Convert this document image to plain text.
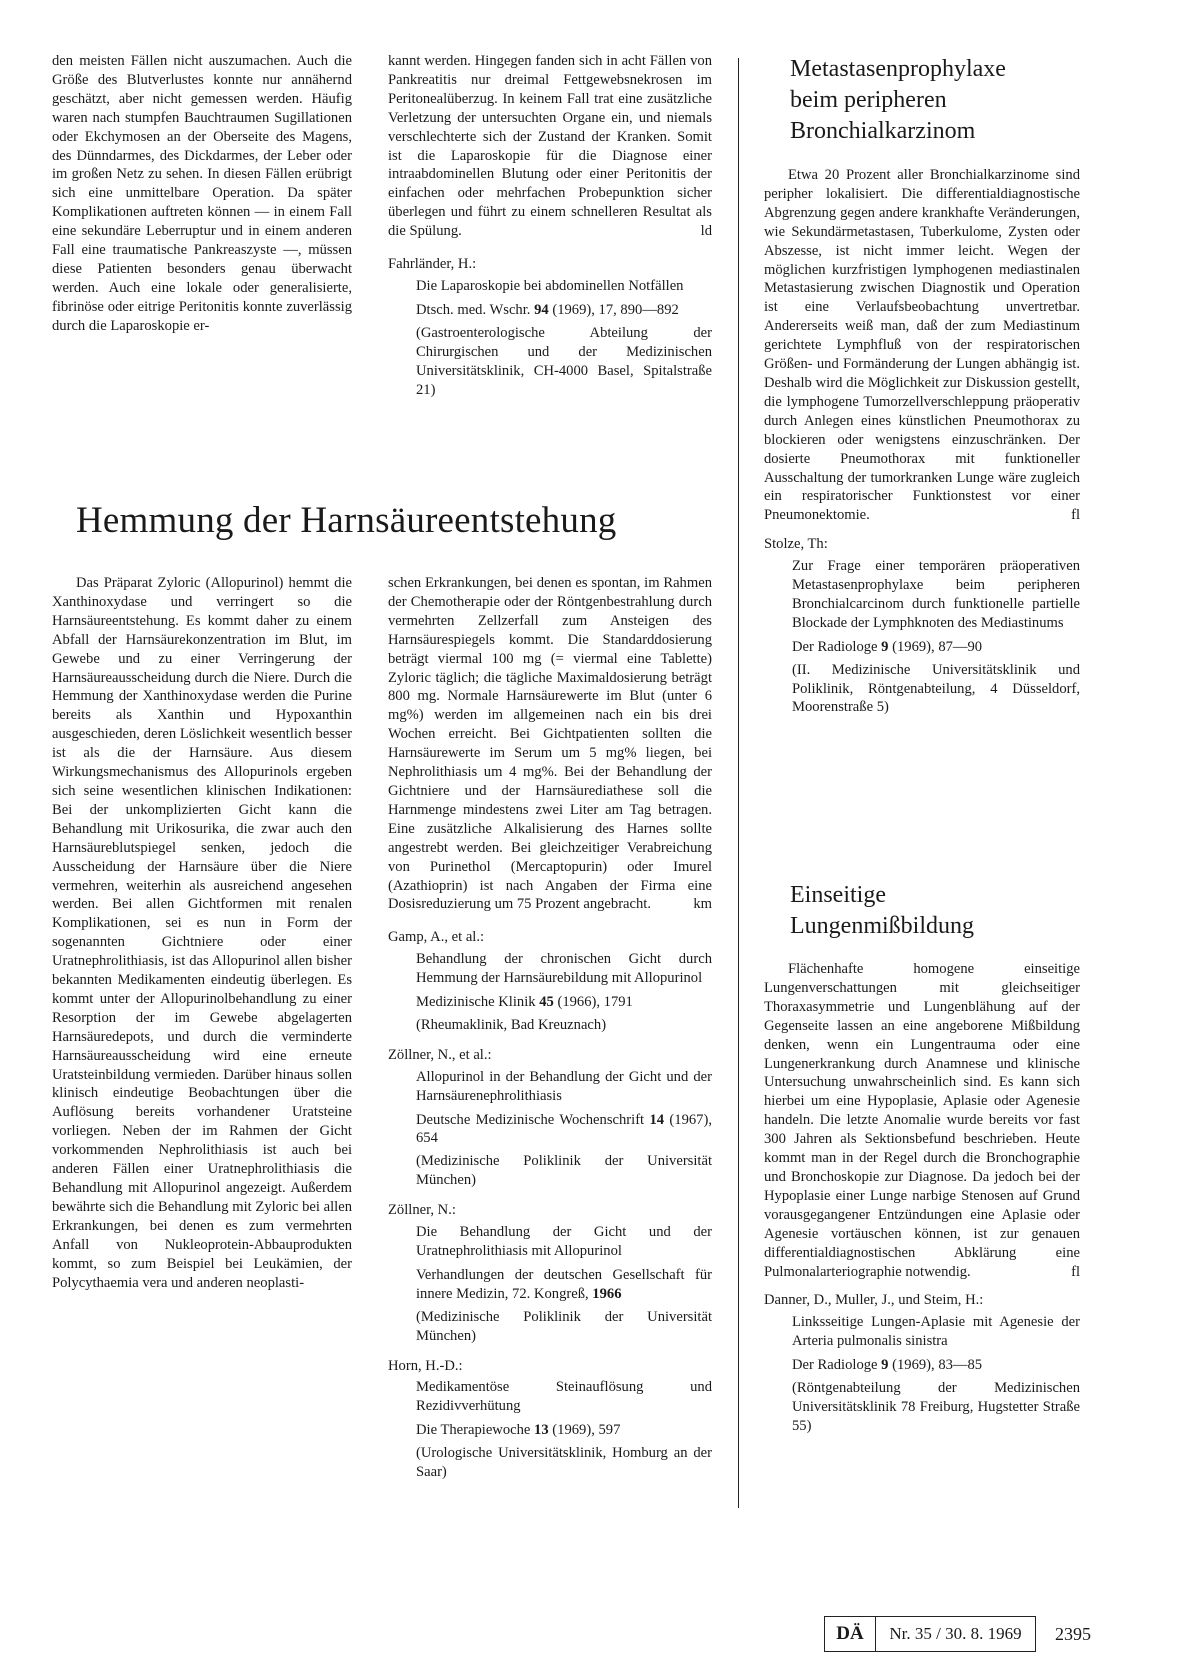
den meisten Fällen nicht auszumachen. Auch die Größe des Blutverlustes konnte nur annähernd geschätzt, aber nicht gemessen werden. Häufig waren nach stumpfen Bauchtraumen Sugillationen oder Ekchymosen an der Oberseite des Magens, des Dünndarmes, des Dickdarmes, der Leber oder im großen Netz zu sehen. In diesen Fällen erübrigt sich eine unmittelbare Operation. Da später Komplikationen auftreten können — in einem Fall eine sekundäre Leberruptur und in einem anderen Fall eine traumatische Pankreaszyste —, müssen diese Patienten besonders genau überwacht werden. Auch eine lokale oder generalisierte, fibrinöse oder eitrige Peritonitis konnte zuverlässig durch die Laparoskopie er-

kannt werden. Hingegen fanden sich in acht Fällen von Pankreatitis nur dreimal Fettgewebsnekrosen im Peritonealüberzug. In keinem Fall trat eine zusätzliche Verletzung der untersuchten Organe ein, und niemals verschlechterte sich der Zustand der Kranken. Somit ist die Laparoskopie für die Diagnose einer intraabdominellen Blutung oder einer Peritonitis der einfachen oder mehrfachen Probepunktion sicher überlegen und führt zu einem schnelleren Resultat als die Spülung.	ld

Fahrländer, H.:

Die Laparoskopie bei abdominellen Notfällen

Dtsch. med. Wschr. 94 (1969), 17, 890—892

(Gastroenterologische Abteilung der Chirurgischen und der Medizinischen Universitätsklinik, CH-4000 Basel, Spitalstraße 21)

Hemmung der Harnsäureentstehung

Das Präparat Zyloric (Allopurinol) hemmt die Xanthinoxydase und verringert so die Harnsäureentstehung. Es kommt daher zu einem Abfall der Harnsäurekonzentration im Blut, im Gewebe und zu einer Verringerung der Harnsäureausscheidung durch die Niere. Durch die Hemmung der Xanthinoxydase werden die Purine bereits als Xanthin und Hypoxanthin ausgeschieden, deren Löslichkeit wesentlich besser ist als die der Harnsäure. Aus diesem Wirkungsmechanismus des Allopurinols ergeben sich seine wesentlichen klinischen Indikationen: Bei der unkomplizierten Gicht kann die Behandlung mit Urikosurika, die zwar auch den Harnsäureblutspiegel senken, jedoch die Ausscheidung der Harnsäure über die Niere vermehren, weiterhin als ausreichend angesehen werden. Bei allen Gichtformen mit renalen Komplikationen, sei es nun in Form der sogenannten Gichtniere oder einer Uratnephrolithiasis, ist das Allopurinol allen bisher bekannten Medikamenten eindeutig überlegen. Es kommt unter der Allopurinolbehandlung zu einer Resorption der im Gewebe abgelagerten Harnsäuredepots, und durch die verminderte Harnsäureausscheidung wird eine erneute Uratsteinbildung vermieden. Darüber hinaus sollen klinisch eindeutige Beobachtungen über die Auflösung bereits vorhandener Uratsteine vorliegen. Neben der im Rahmen der Gicht vorkommenden Nephrolithiasis ist auch bei anderen Fällen einer Uratnephrolithiasis die Behandlung mit Allopurinol angezeigt. Außerdem bewährte sich die Behandlung mit Zyloric bei allen Erkrankungen, bei denen es zum vermehrten Anfall von Nukleoprotein-Abbauprodukten kommt, so zum Beispiel bei Leukämien, der Polycythaemia vera und anderen neoplasti-

schen Erkrankungen, bei denen es spontan, im Rahmen der Chemotherapie oder der Röntgenbestrahlung durch vermehrten Zellzerfall zum Ansteigen des Harnsäurespiegels kommt. Die Standarddosierung beträgt viermal 100 mg (= viermal eine Tablette) Zyloric täglich; die tägliche Maximaldosierung beträgt 800 mg. Normale Harnsäurewerte im Blut (unter 6 mg%) werden im allgemeinen nach ein bis drei Wochen erreicht. Bei Gichtpatienten sollten die Harnsäurewerte im Serum um 5 mg% liegen, bei Nephrolithiasis um 4 mg%. Bei der Behandlung der Gichtniere und der Harnsäurediathese soll die Harnmenge mindestens zwei Liter am Tag betragen. Eine zusätzliche Alkalisierung des Harnes sollte angestrebt werden. Bei gleichzeitiger Verabreichung von Purinethol (Mercaptopurin) oder Imurel (Azathioprin) ist nach Angaben der Firma eine Dosisreduzierung um 75 Prozent angebracht.	km

Gamp, A., et al.:

Behandlung der chronischen Gicht durch Hemmung der Harnsäurebildung mit Allopurinol

Medizinische Klinik 45 (1966), 1791

(Rheumaklinik, Bad Kreuznach)

Zöllner, N., et al.:

Allopurinol in der Behandlung der Gicht und der Harnsäurenephrolithiasis

Deutsche Medizinische Wochenschrift 14 (1967), 654

(Medizinische Poliklinik der Universität München)

Zöllner, N.:

Die Behandlung der Gicht und der Uratnephrolithiasis mit Allopurinol

Verhandlungen der deutschen Gesellschaft für innere Medizin, 72. Kongreß, 1966

(Medizinische Poliklinik der Universität München)

Horn, H.-D.:

Medikamentöse Steinauflösung und Rezidivverhütung

Die Therapiewoche 13 (1969), 597

(Urologische Universitätsklinik, Homburg an der Saar)

Metastasenprophylaxe
beim peripheren
Bronchialkarzinom

Etwa 20 Prozent aller Bronchialkarzinome sind peripher lokalisiert. Die differentialdiagnostische Abgrenzung gegen andere krankhafte Veränderungen, wie Sekundärmetastasen, Tuberkulome, Zysten oder Abszesse, ist nicht immer leicht. Wegen der möglichen kurzfristigen lymphogenen mediastinalen Metastasierung zwischen Diagnostik und Operation ist eine Verlaufsbeobachtung unvertretbar. Andererseits weiß man, daß der zum Mediastinum gerichtete Lymphfluß von der respiratorischen Größen- und Formänderung der Lungen abhängig ist. Deshalb wird die Möglichkeit zur Diskussion gestellt, die lymphogene Tumorzellverschleppung präoperativ durch Anlegen eines künstlichen Pneumothorax zu blockieren oder wenigstens einzuschränken. Der dosierte Pneumothorax mit funktioneller Ausschaltung der tumorkranken Lunge wäre zugleich ein respiratorischer Funktionstest vor einer Pneumonektomie.	fl

Stolze, Th:

Zur Frage einer temporären präoperativen Metastasenprophylaxe beim peripheren Bronchialcarcinom durch funktionelle partielle Blockade der Lymphknoten des Mediastinums

Der Radiologe 9 (1969), 87—90

(II. Medizinische Universitätsklinik und Poliklinik, Röntgenabteilung, 4 Düsseldorf, Moorenstraße 5)

Einseitige
Lungenmißbildung

Flächenhafte homogene einseitige Lungenverschattungen mit gleichseitiger Thoraxasymmetrie und Lungenblähung auf der Gegenseite lassen an eine angeborene Mißbildung denken, wenn ein Lungentrauma oder eine Lungenerkrankung durch Anamnese und klinische Untersuchung unwahrscheinlich sind. Es kann sich hierbei um eine Hypoplasie, Aplasie oder Agenesie handeln. Die letzte Anomalie wurde bereits vor fast 300 Jahren als Sektionsbefund beschrieben. Heute kommt man in der Regel durch die Bronchographie und Bronchoskopie zur Diagnose. Da jedoch bei der Hypoplasie einer Lunge narbige Stenosen auf Grund vorausgegangener Entzündungen eine Aplasie oder Agenesie vortäuschen können, ist zur genauen differentialdiagnostischen Abklärung eine Pulmonalarteriographie notwendig.	fl

Danner, D., Muller, J., und Steim, H.:

Linksseitige Lungen-Aplasie mit Agenesie der Arteria pulmonalis sinistra

Der Radiologe 9 (1969), 83—85

(Röntgenabteilung der Medizinischen Universitätsklinik 78 Freiburg, Hugstetter Straße 55)

DÄ	Nr. 35 / 30. 8. 1969	2395
